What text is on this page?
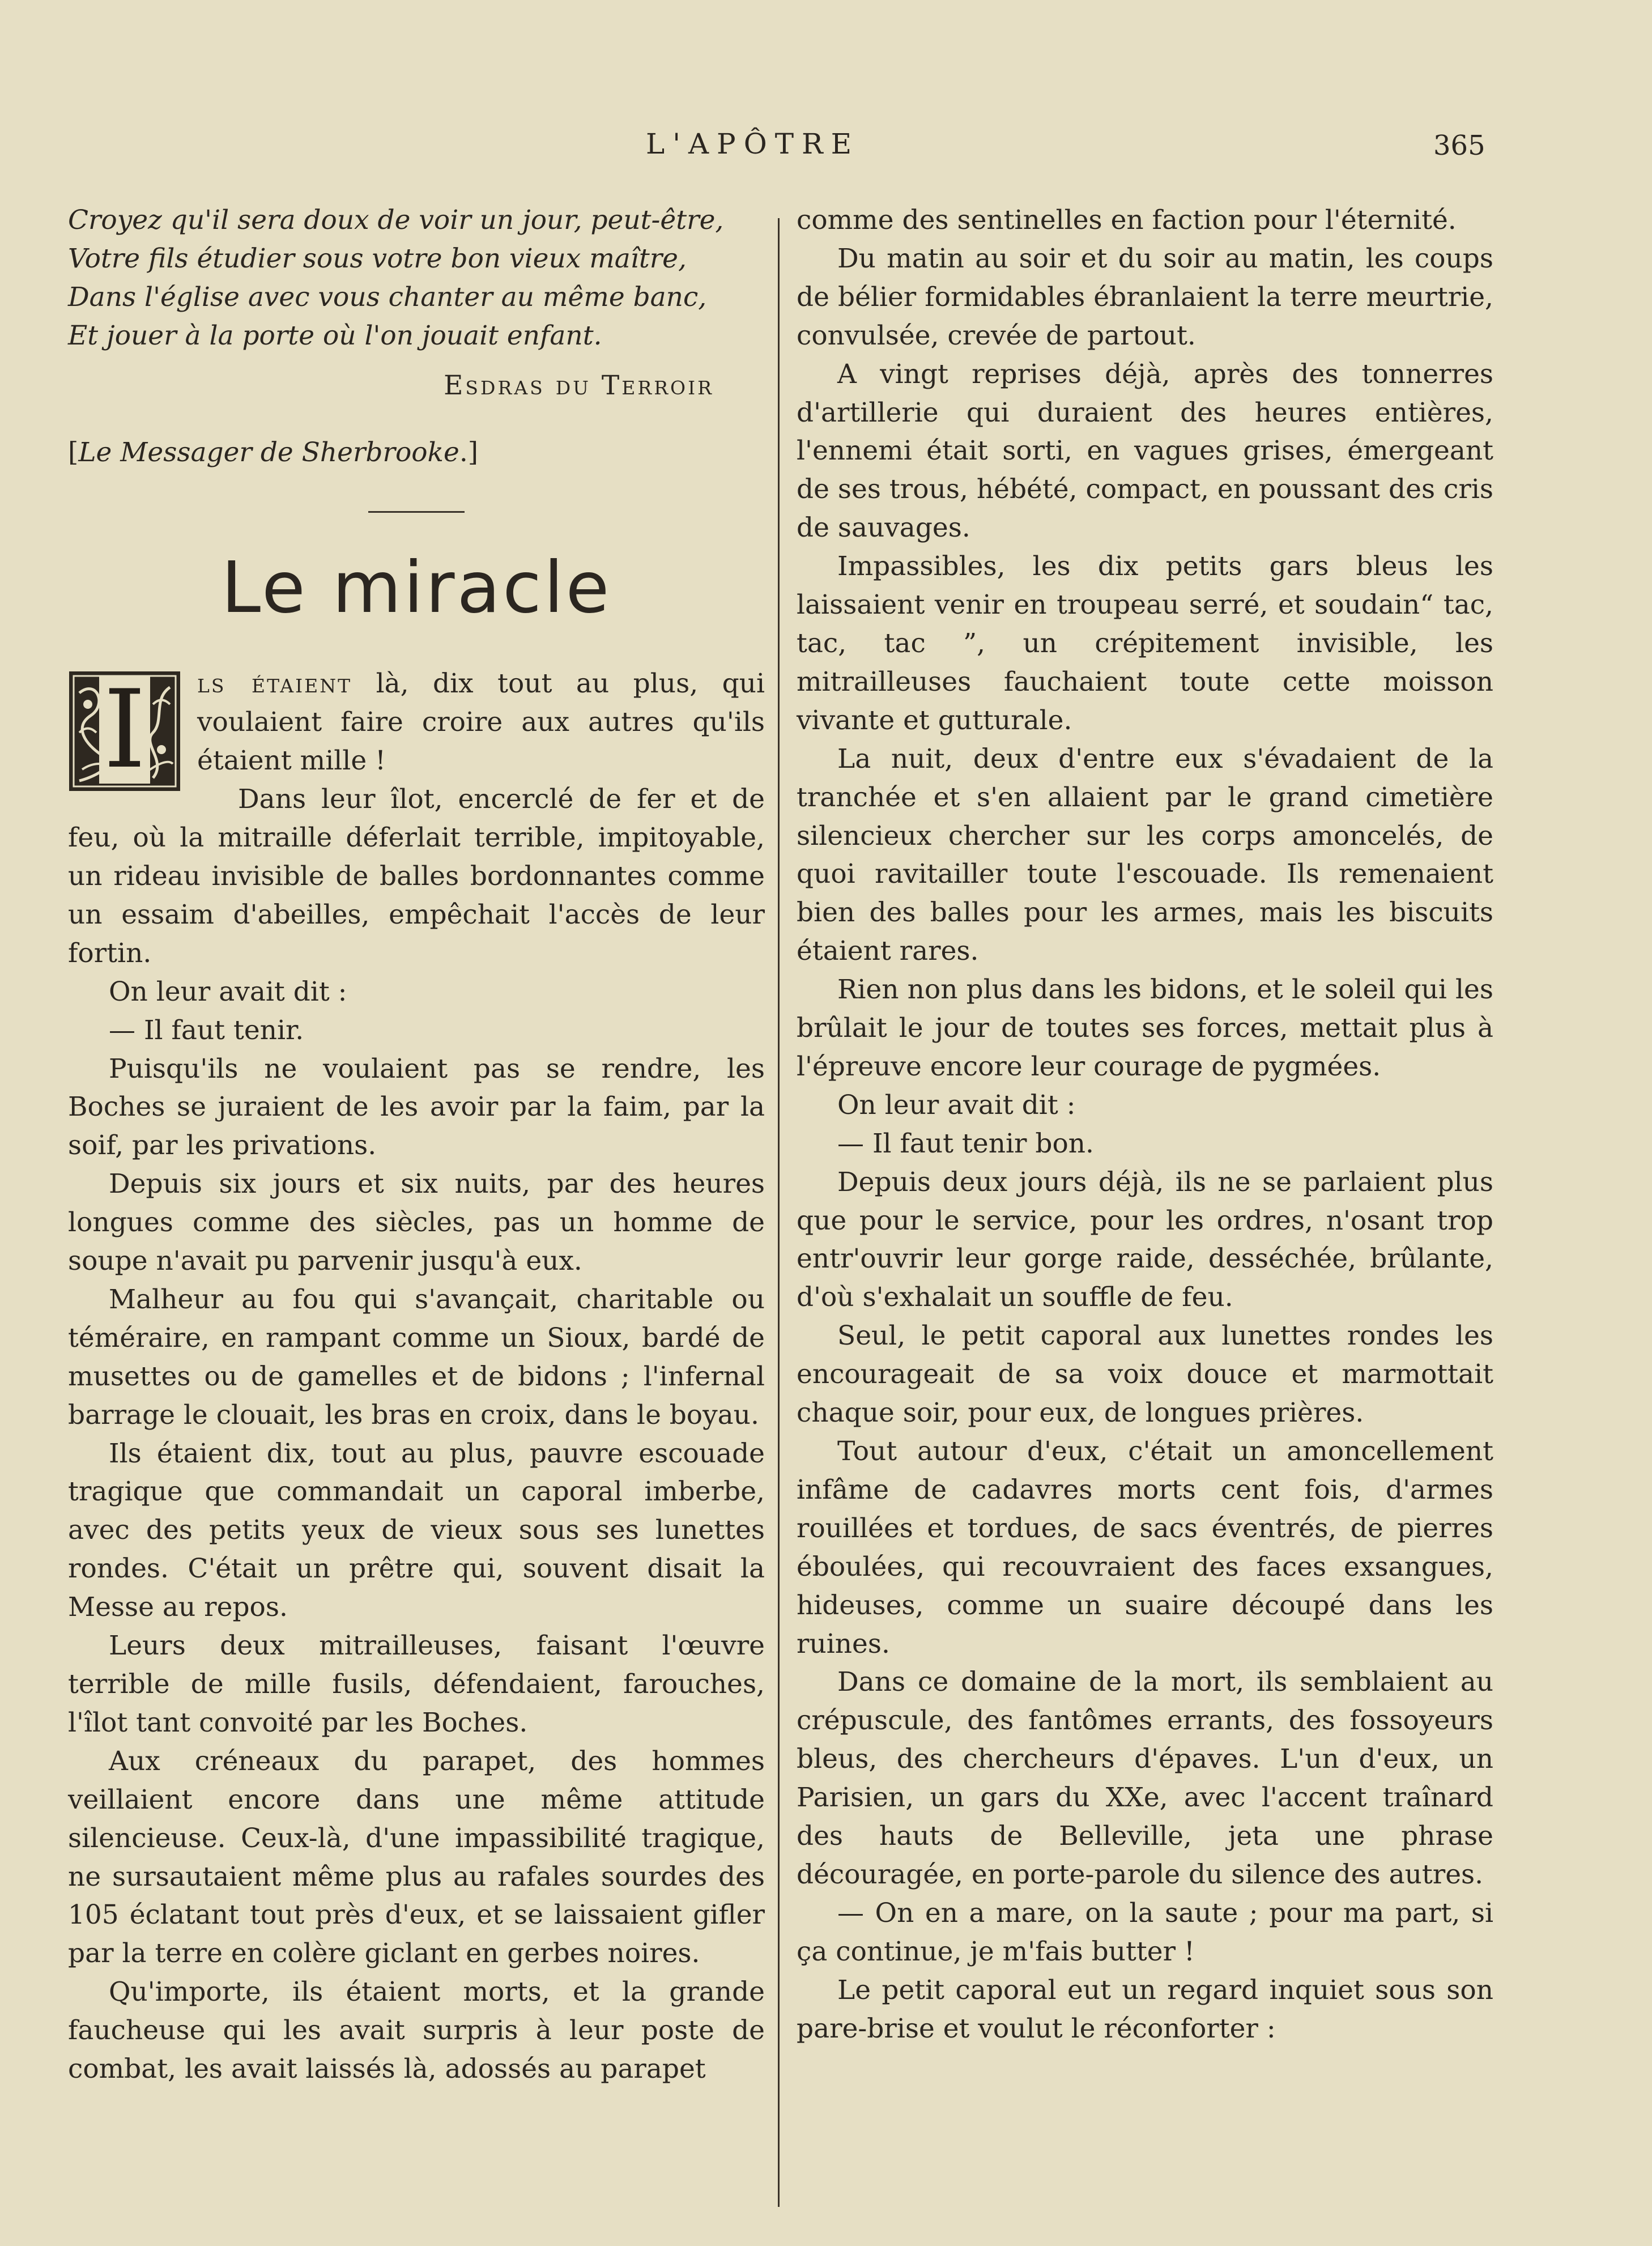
L'APÔTRE	365
Croyez qu'il sera doux de voir un jour, peut-être,
Votre fils étudier sous votre bon vieux maître,
Dans l'église avec vous chanter au même banc,
Et jouer à la porte où l'on jouait enfant.
Esdras du Terroir
[Le Messager de Sherbrooke.]
Le miracle

I ls étaient là, dix tout au plus, qui voulaient faire croire aux autres qu'ils étaient mille !

Dans leur îlot, encerclé de fer et de feu, où la mitraille déferlait terrible, impitoyable, un rideau invisible de balles bordonnantes comme un essaim d'abeilles, empêchait l'accès de leur fortin.

On leur avait dit :

— Il faut tenir.

Puisqu'ils ne voulaient pas se rendre, les Boches se juraient de les avoir par la faim, par la soif, par les privations.

Depuis six jours et six nuits, par des heures longues comme des siècles, pas un homme de soupe n'avait pu parvenir jusqu'à eux.

Malheur au fou qui s'avançait, charitable ou téméraire, en rampant comme un Sioux, bardé de musettes ou de gamelles et de bidons ; l'infernal barrage le clouait, les bras en croix, dans le boyau.

Ils étaient dix, tout au plus, pauvre escouade tragique que commandait un caporal imberbe, avec des petits yeux de vieux sous ses lunettes rondes. C'était un prêtre qui, souvent disait la Messe au repos.

Leurs deux mitrailleuses, faisant l'œuvre terrible de mille fusils, défendaient, farouches, l'îlot tant convoité par les Boches.

Aux créneaux du parapet, des hommes veillaient encore dans une même attitude silencieuse. Ceux-là, d'une impassibilité tragique, ne sursautaient même plus au rafales sourdes des 105 éclatant tout près d'eux, et se laissaient gifler par la terre en colère giclant en gerbes noires.

Qu'importe, ils étaient morts, et la grande faucheuse qui les avait surpris à leur poste de combat, les avait laissés là, adossés au parapet

comme des sentinelles en faction pour l'éternité.

Du matin au soir et du soir au matin, les coups de bélier formidables ébranlaient la terre meurtrie, convulsée, crevée de partout.

A vingt reprises déjà, après des tonnerres d'artillerie qui duraient des heures entières, l'ennemi était sorti, en vagues grises, émergeant de ses trous, hébété, compact, en poussant des cris de sauvages.

Impassibles, les dix petits gars bleus les laissaient venir en troupeau serré, et soudain“ tac, tac, tac ”, un crépitement invisible, les mitrailleuses fauchaient toute cette moisson vivante et gutturale.

La nuit, deux d'entre eux s'évadaient de la tranchée et s'en allaient par le grand cimetière silencieux chercher sur les corps amoncelés, de quoi ravitailler toute l'escouade. Ils remenaient bien des balles pour les armes, mais les biscuits étaient rares.

Rien non plus dans les bidons, et le soleil qui les brûlait le jour de toutes ses forces, mettait plus à l'épreuve encore leur courage de pygmées.

On leur avait dit :

— Il faut tenir bon.

Depuis deux jours déjà, ils ne se parlaient plus que pour le service, pour les ordres, n'osant trop entr'ouvrir leur gorge raide, desséchée, brûlante, d'où s'exhalait un souffle de feu.

Seul, le petit caporal aux lunettes rondes les encourageait de sa voix douce et marmottait chaque soir, pour eux, de longues prières.

Tout autour d'eux, c'était un amoncellement infâme de cadavres morts cent fois, d'armes rouillées et tordues, de sacs éventrés, de pierres éboulées, qui recouvraient des faces exsangues, hideuses, comme un suaire découpé dans les ruines.

Dans ce domaine de la mort, ils semblaient au crépuscule, des fantômes errants, des fossoyeurs bleus, des chercheurs d'épaves. L'un d'eux, un Parisien, un gars du XXe, avec l'accent traînard des hauts de Belleville, jeta une phrase découragée, en porte-parole du silence des autres.

— On en a mare, on la saute ; pour ma part, si ça continue, je m'fais butter !

Le petit caporal eut un regard inquiet sous son pare-brise et voulut le réconforter :
